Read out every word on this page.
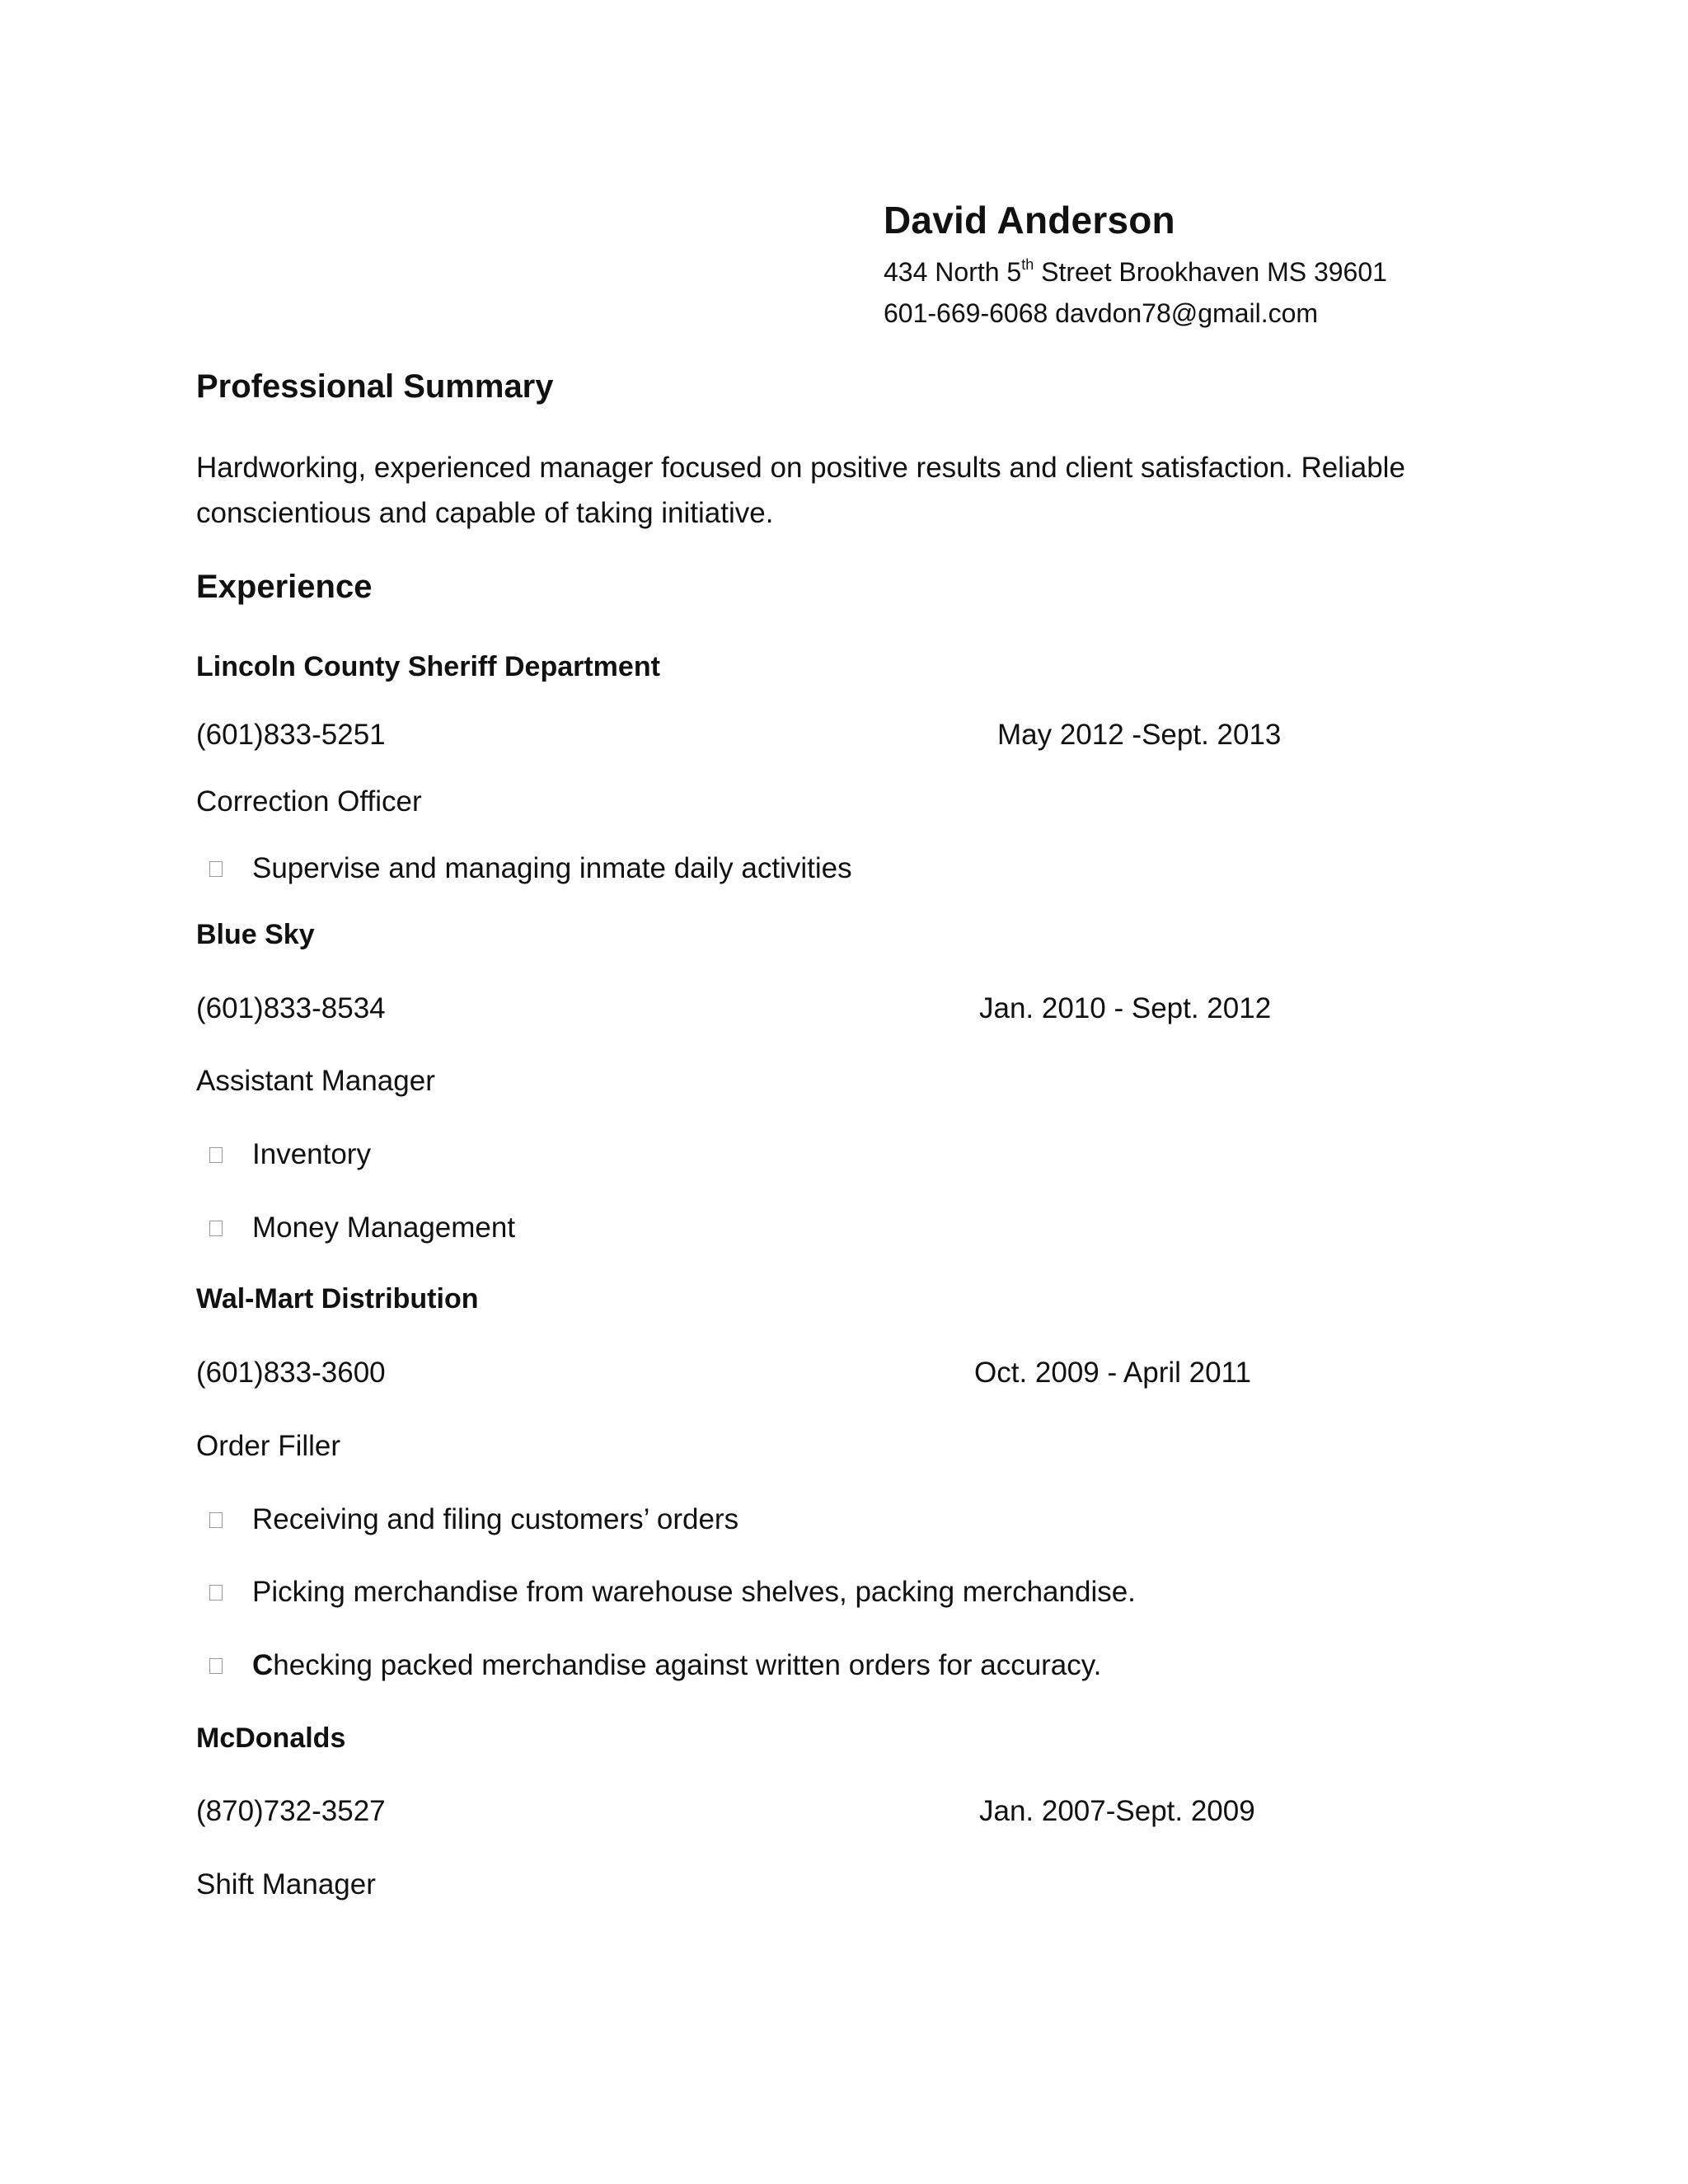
David Anderson
434 North 5th Street Brookhaven MS 39601
601-669-6068 davdon78@gmail.com
Professional Summary
Hardworking, experienced manager focused on positive results and client satisfaction. Reliable conscientious and capable of taking initiative.
Experience
Lincoln County Sheriff Department
(601)833-5251	May 2012 -Sept. 2013
Correction Officer
Supervise and managing inmate daily activities
Blue Sky
(601)833-8534	Jan. 2010 - Sept. 2012
Assistant Manager
Inventory
Money Management
Wal-Mart Distribution
(601)833-3600	Oct. 2009 - April 2011
Order Filler
Receiving and filing customers’ orders
Picking merchandise from warehouse shelves, packing merchandise.
C hecking packed merchandise against written orders for accuracy.
McDonalds
(870)732-3527	Jan. 2007-Sept. 2009
Shift Manager
